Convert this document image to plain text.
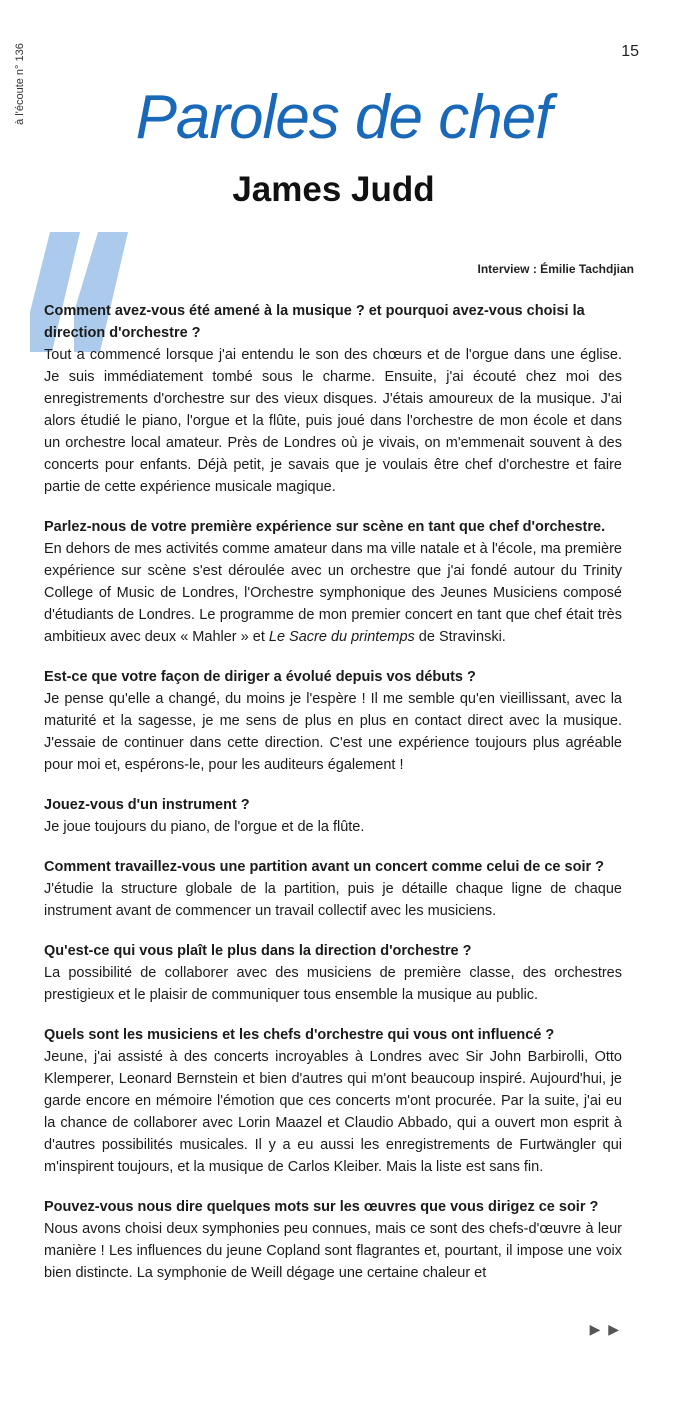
à l'écoute n° 136	15
Paroles de chef
James Judd
Interview : Émilie Tachdjian

Comment avez-vous été amené à la musique ? et pourquoi avez-vous choisi la direction d'orchestre ?

Tout a commencé lorsque j'ai entendu le son des chœurs et de l'orgue dans une église. Je suis immédiatement tombé sous le charme. Ensuite, j'ai écouté chez moi des enregistrements d'orchestre sur des vieux disques. J'étais amoureux de la musique. J'ai alors étudié le piano, l'orgue et la flûte, puis joué dans l'orchestre de mon école et dans un orchestre local amateur. Près de Londres où je vivais, on m'emmenait souvent à des concerts pour enfants. Déjà petit, je savais que je voulais être chef d'orchestre et faire partie de cette expérience musicale magique.

Parlez-nous de votre première expérience sur scène en tant que chef d'orchestre.

En dehors de mes activités comme amateur dans ma ville natale et à l'école, ma première expérience sur scène s'est déroulée avec un orchestre que j'ai fondé autour du Trinity College of Music de Londres, l'Orchestre symphonique des Jeunes Musiciens composé d'étudiants de Londres. Le programme de mon premier concert en tant que chef était très ambitieux avec deux « Mahler » et Le Sacre du printemps de Stravinski.

Est-ce que votre façon de diriger a évolué depuis vos débuts ?

Je pense qu'elle a changé, du moins je l'espère ! Il me semble qu'en vieillissant, avec la maturité et la sagesse, je me sens de plus en plus en contact direct avec la musique. J'essaie de continuer dans cette direction. C'est une expérience toujours plus agréable pour moi et, espérons-le, pour les auditeurs également !

Jouez-vous d'un instrument ?

Je joue toujours du piano, de l'orgue et de la flûte.

Comment travaillez-vous une partition avant un concert comme celui de ce soir ?

J'étudie la structure globale de la partition, puis je détaille chaque ligne de chaque instrument avant de commencer un travail collectif avec les musiciens.

Qu'est-ce qui vous plaît le plus dans la direction d'orchestre ?

La possibilité de collaborer avec des musiciens de première classe, des orchestres prestigieux et le plaisir de communiquer tous ensemble la musique au public.

Quels sont les musiciens et les chefs d'orchestre qui vous ont influencé ?

Jeune, j'ai assisté à des concerts incroyables à Londres avec Sir John Barbirolli, Otto Klemperer, Leonard Bernstein et bien d'autres qui m'ont beaucoup inspiré. Aujourd'hui, je garde encore en mémoire l'émotion que ces concerts m'ont procurée. Par la suite, j'ai eu la chance de collaborer avec Lorin Maazel et Claudio Abbado, qui a ouvert mon esprit à d'autres possibilités musicales. Il y a eu aussi les enregistrements de Furtwängler qui m'inspirent toujours, et la musique de Carlos Kleiber. Mais la liste est sans fin.

Pouvez-vous nous dire quelques mots sur les œuvres que vous dirigez ce soir ?

Nous avons choisi deux symphonies peu connues, mais ce sont des chefs-d'œuvre à leur manière ! Les influences du jeune Copland sont flagrantes et, pourtant, il impose une voix bien distincte. La symphonie de Weill dégage une certaine chaleur et

▶ ▶
